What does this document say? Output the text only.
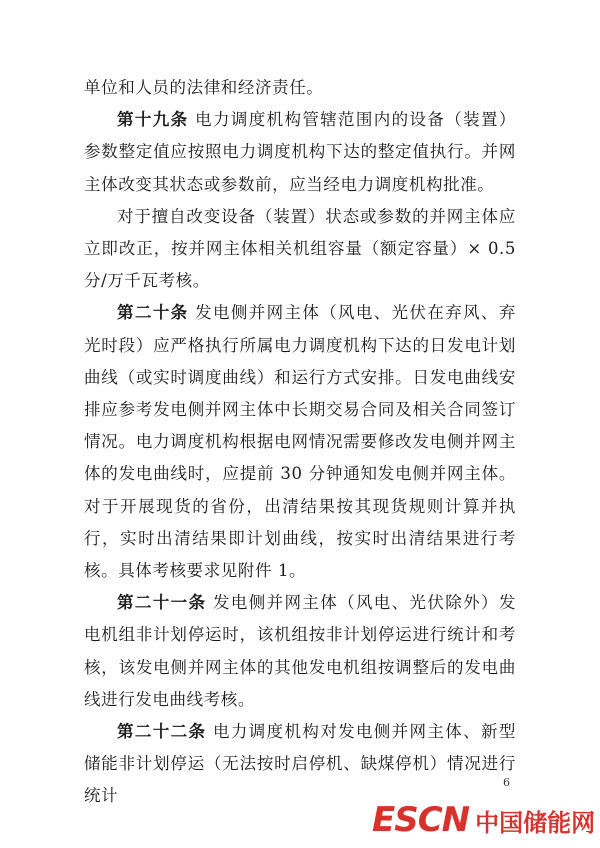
单位和人员的法律和经济责任。

第十九条 电力调度机构管辖范围内的设备（装置）参数整定值应按照电力调度机构下达的整定值执行。并网主体改变其状态或参数前，应当经电力调度机构批准。

对于擅自改变设备（装置）状态或参数的并网主体应立即改正，按并网主体相关机组容量（额定容量）× 0.5 分/万千瓦考核。

第二十条 发电侧并网主体（风电、光伏在弃风、弃光时段）应严格执行所属电力调度机构下达的日发电计划曲线（或实时调度曲线）和运行方式安排。日发电曲线安排应参考发电侧并网主体中长期交易合同及相关合同签订情况。电力调度机构根据电网情况需要修改发电侧并网主体的发电曲线时，应提前 30 分钟通知发电侧并网主体。对于开展现货的省份，出清结果按其现货规则计算并执行，实时出清结果即计划曲线，按实时出清结果进行考核。具体考核要求见附件 1。

第二十一条 发电侧并网主体（风电、光伏除外）发电机组非计划停运时，该机组按非计划停运进行统计和考核，该发电侧并网主体的其他发电机组按调整后的发电曲线进行发电曲线考核。

第二十二条 电力调度机构对发电侧并网主体、新型储能非计划停运（无法按时启停机、缺煤停机）情况进行统计

6
ESCN 中国储能网
